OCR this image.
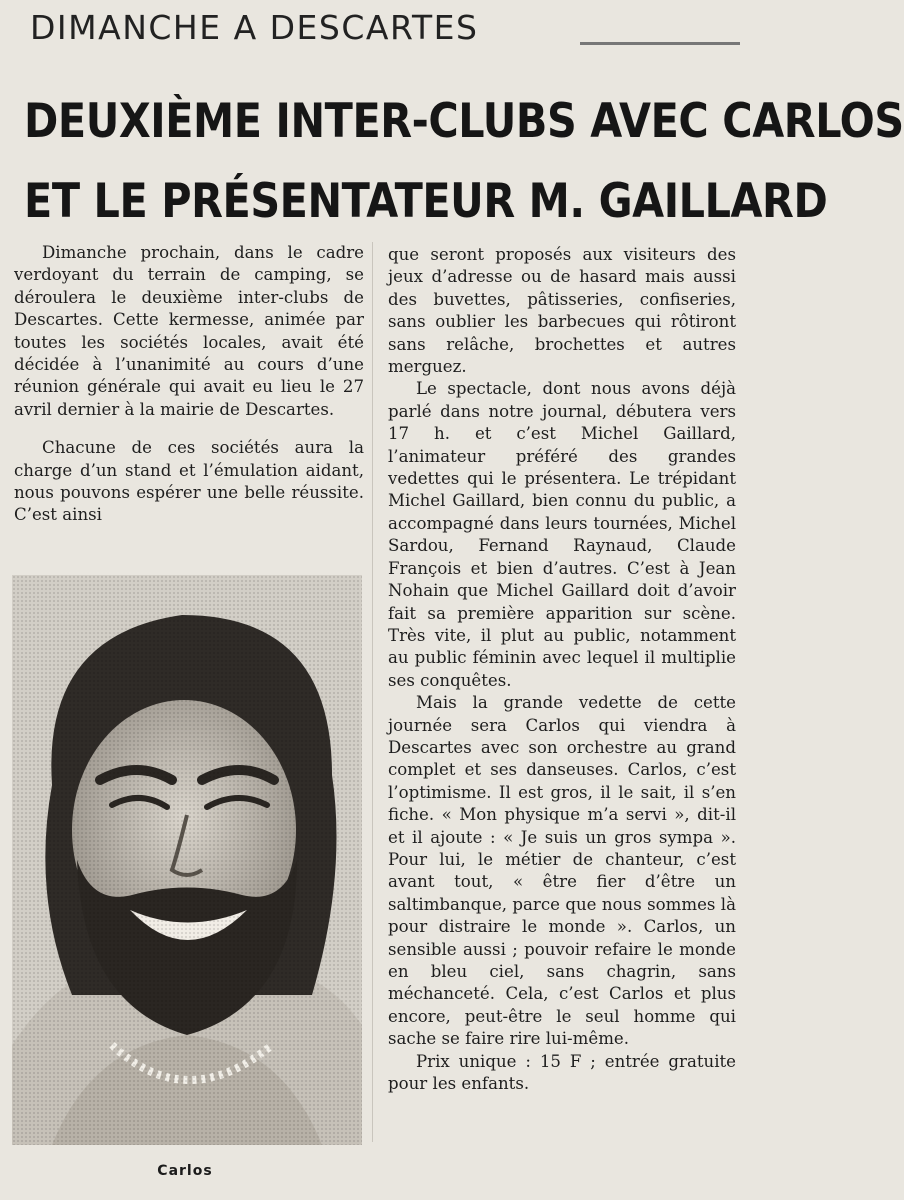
DIMANCHE A DESCARTES
DEUXIÈME INTER-CLUBS AVEC CARLOS
ET LE PRÉSENTATEUR M. GAILLARD

Dimanche prochain, dans le cadre verdoyant du terrain de camping, se déroulera le deuxième inter-clubs de Descartes. Cette kermesse, animée par toutes les sociétés locales, avait été décidée à l’unanimité au cours d’une réunion générale qui avait eu lieu le 27 avril dernier à la mairie de Descartes.

Chacune de ces sociétés aura la charge d’un stand et l’émulation aidant, nous pouvons espérer une belle réussite. C’est ainsi

que seront proposés aux visiteurs des jeux d’adresse ou de hasard mais aussi des buvettes, pâtisseries, confiseries, sans oublier les barbecues qui rôtiront sans relâche, brochettes et autres merguez.

Le spectacle, dont nous avons déjà parlé dans notre journal, débutera vers 17 h. et c’est Michel Gaillard, l’animateur préféré des grandes vedettes qui le présentera. Le trépidant Michel Gaillard, bien connu du public, a accompagné dans leurs tournées, Michel Sardou, Fernand Raynaud, Claude François et bien d’autres. C’est à Jean Nohain que Michel Gaillard doit d’avoir fait sa première apparition sur scène. Très vite, il plut au public, notamment au public féminin avec lequel il multiplie ses conquêtes.

Mais la grande vedette de cette journée sera Carlos qui viendra à Descartes avec son orchestre au grand complet et ses danseuses. Carlos, c’est l’optimisme. Il est gros, il le sait, il s’en fiche. « Mon physique m’a servi », dit-il et il ajoute : « Je suis un gros sympa ». Pour lui, le métier de chanteur, c’est avant tout, « être fier d’être un saltimbanque, parce que nous sommes là pour distraire le monde ». Carlos, un sensible aussi ; pouvoir refaire le monde en bleu ciel, sans chagrin, sans méchanceté. Cela, c’est Carlos et plus encore, peut-être le seul homme qui sache se faire rire lui-même.

Prix unique : 15 F ; entrée gratuite pour les enfants.

Carlos
